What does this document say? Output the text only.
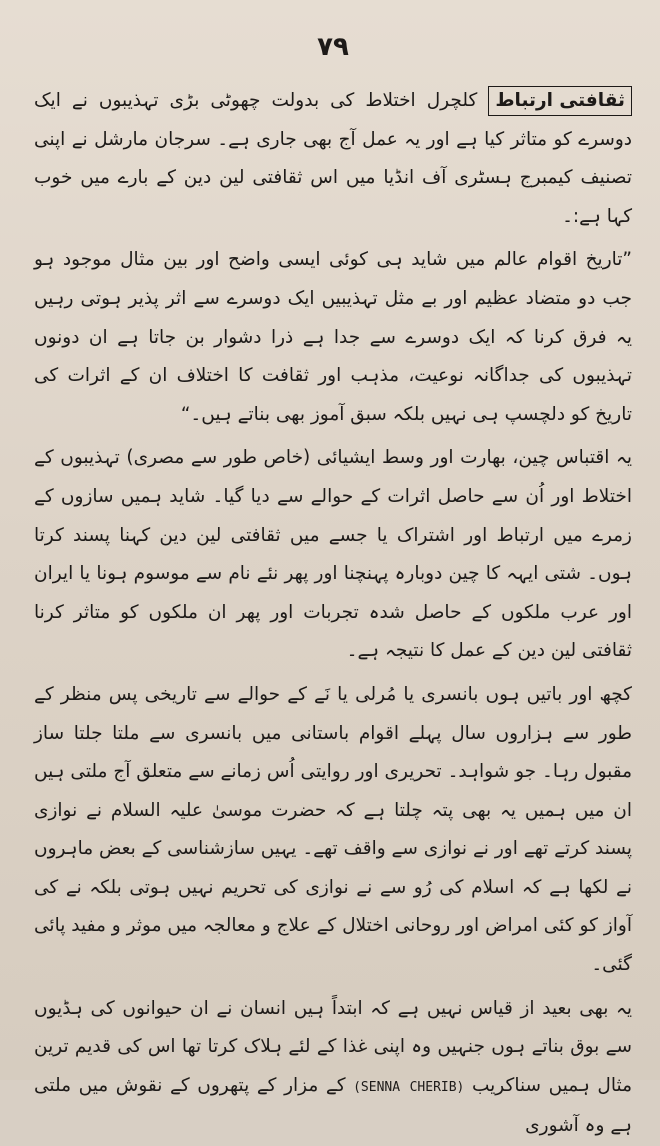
٧٩

ثقافتی ارتباط کلچرل اختلاط کی بدولت چھوٹی بڑی تہذیبوں نے ایک دوسرے کو متاثر کیا ہے اور یہ عمل آج بھی جاری ہے۔ سرجان مارشل نے اپنی تصنیف کیمبرج ہسٹری آف انڈیا میں اس ثقافتی لین دین کے بارے میں خوب کہا ہے:۔

”تاریخ اقوام عالم میں شاید ہی کوئی ایسی واضح اور بین مثال موجود ہو جب دو متضاد عظیم اور بے مثل تہذیبیں ایک دوسرے سے اثر پذیر ہوتی رہیں یہ فرق کرنا کہ ایک دوسرے سے جدا ہے ذرا دشوار بن جاتا ہے ان دونوں تہذیبوں کی جداگانہ نوعیت، مذہب اور ثقافت کا اختلاف ان کے اثرات کی تاریخ کو دلچسپ ہی نہیں بلکہ سبق آموز بھی بناتے ہیں۔“

یہ اقتباس چین، بھارت اور وسط ایشیائی (خاص طور سے مصری) تہذیبوں کے اختلاط اور اُن سے حاصل اثرات کے حوالے سے دیا گیا۔ شاید ہمیں سازوں کے زمرے میں ارتباط اور اشتراک یا جسے میں ثقافتی لین دین کہنا پسند کرتا ہوں۔ شتی ایہہ کا چین دوبارہ پہنچنا اور پھر نئے نام سے موسوم ہونا یا ایران اور عرب ملکوں کے حاصل شدہ تجربات اور پھر ان ملکوں کو متاثر کرنا ثقافتی لین دین کے عمل کا نتیجہ ہے۔

کچھ اور باتیں ہوں بانسری یا مُرلی یا نَے کے حوالے سے تاریخی پس منظر کے طور سے ہزاروں سال پہلے اقوام باستانی میں بانسری سے ملتا جلتا ساز مقبول رہا۔ جو شواہد۔ تحریری اور روایتی اُس زمانے سے متعلق آج ملتی ہیں ان میں ہمیں یہ بھی پتہ چلتا ہے کہ حضرت موسیٰ علیہ السلام نے نوازی پسند کرتے تھے اور نے نوازی سے واقف تھے۔ یہیں سازشناسی کے بعض ماہروں نے لکھا ہے کہ اسلام کی رُو سے نے نوازی کی تحریم نہیں ہوتی بلکہ نے کی آواز کو کئی امراض اور روحانی اختلال کے علاج و معالجہ میں موثر و مفید پائی گئی۔

یہ بھی بعید از قیاس نہیں ہے کہ ابتداً ہیں انسان نے ان حیوانوں کی ہڈیوں سے بوق بناتے ہوں جنہیں وہ اپنی غذا کے لئے ہلاک کرتا تھا اس کی قدیم ترین مثال ہمیں سناکریب (SENNA CHERIB) کے مزار کے پتھروں کے نقوش میں ملتی ہے وہ آشوری
